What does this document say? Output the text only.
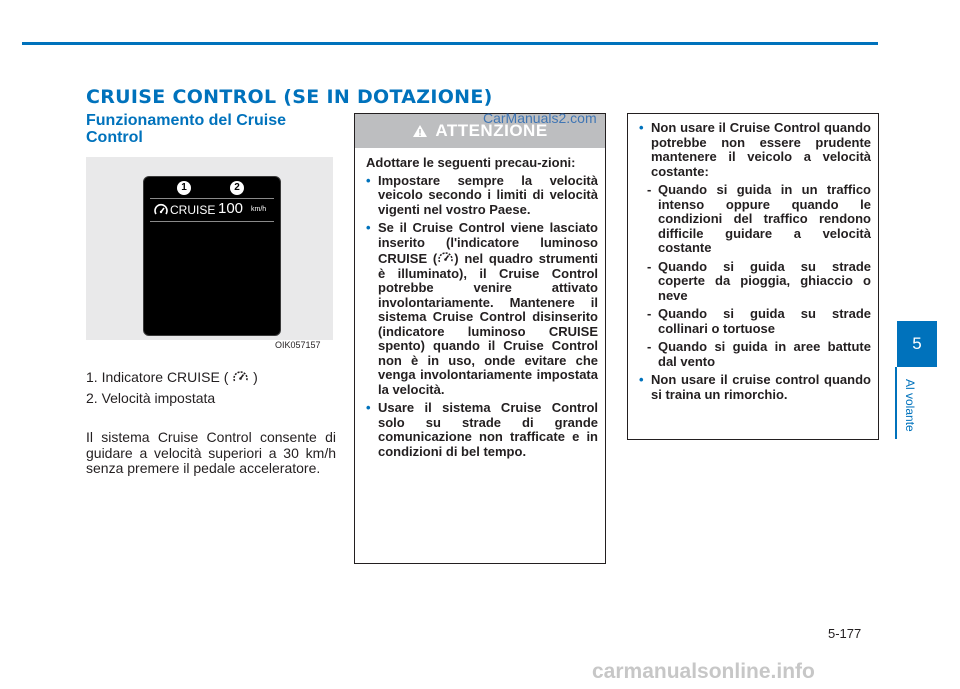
CRUISE CONTROL (SE IN DOTAZIONE)
Funzionamento del Cruise Control
1	2
CRUISE 100 km/h
OIK057157

1. Indicatore CRUISE ( )

2. Velocità impostata

Il sistema Cruise Control consente di guidare a velocità superiori a 30 km/h senza premere il pedale acceleratore.

ATTENZIONE

Adottare le seguenti precau-zioni:

• Impostare sempre la velocità veicolo secondo i limiti di velocità vigenti nel vostro Paese.
• Se il Cruise Control viene lasciato inserito (l'indicatore luminoso CRUISE ( ) nel quadro strumenti è illuminato), il Cruise Control potrebbe venire attivato involontariamente. Mantenere il sistema Cruise Control disinserito (indicatore luminoso CRUISE spento) quando il Cruise Control non è in uso, onde evitare che venga involontariamente impostata la velocità.
• Usare il sistema Cruise Control solo su strade di grande comunicazione non trafficate e in condizioni di bel tempo.
CarManuals2.com
• Non usare il Cruise Control quando potrebbe non essere prudente mantenere il veicolo a velocità costante:
- Quando si guida in un traffico intenso oppure quando le condizioni del traffico rendono difficile guidare a velocità costante
- Quando si guida su strade coperte da pioggia, ghiaccio o neve
- Quando si guida su strade collinari o tortuose
- Quando si guida in aree battute dal vento
• Non usare il cruise control quando si traina un rimorchio.
5
Al volante
5-177
carmanualsonline.info
